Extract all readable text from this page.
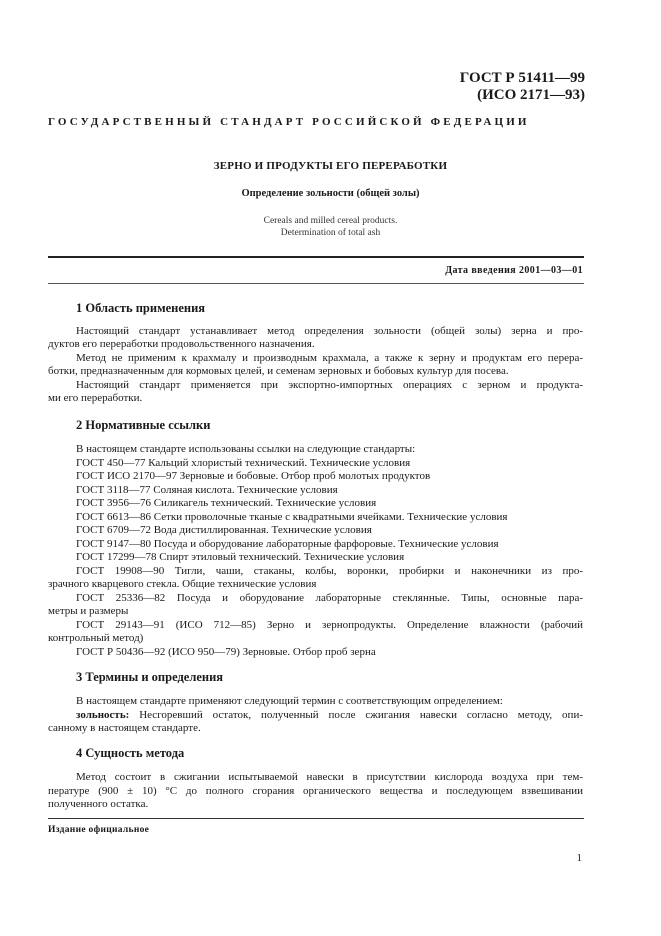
ГОСТ Р 51411—99
(ИСО 2171—93)
ГОСУДАРСТВЕННЫЙ СТАНДАРТ РОССИЙСКОЙ ФЕДЕРАЦИИ
ЗЕРНО И ПРОДУКТЫ ЕГО ПЕРЕРАБОТКИ
Определение зольности (общей золы)
Cereals and milled cereal products.
Determination of total ash
Дата введения 2001—03—01
1 Область применения
Настоящий стандарт устанавливает метод определения зольности (общей золы) зерна и про-
дуктов его переработки продовольственного назначения.
Метод не применим к крахмалу и производным крахмала, а также к зерну и продуктам его перера-
ботки, предназначенным для кормовых целей, и семенам зерновых и бобовых культур для посева.
Настоящий стандарт применяется при экспортно-импортных операциях с зерном и продукта-
ми его переработки.
2 Нормативные ссылки
В настоящем стандарте использованы ссылки на следующие стандарты:
ГОСТ 450—77 Кальций хлористый технический. Технические условия
ГОСТ ИСО 2170—97 Зерновые и бобовые. Отбор проб молотых продуктов
ГОСТ 3118—77 Соляная кислота. Технические условия
ГОСТ 3956—76 Силикагель технический. Технические условия
ГОСТ 6613—86 Сетки проволочные тканые с квадратными ячейками. Технические условия
ГОСТ 6709—72 Вода дистиллированная. Технические условия
ГОСТ 9147—80 Посуда и оборудование лабораторные фарфоровые. Технические условия
ГОСТ 17299—78 Спирт этиловый технический. Технические условия
ГОСТ 19908—90 Тигли, чаши, стаканы, колбы, воронки, пробирки и наконечники из про-
зрачного кварцевого стекла. Общие технические условия
ГОСТ 25336—82 Посуда и оборудование лабораторные стеклянные. Типы, основные пара-
метры и размеры
ГОСТ 29143—91 (ИСО 712—85) Зерно и зернопродукты. Определение влажности (рабочий
контрольный метод)
ГОСТ Р 50436—92 (ИСО 950—79) Зерновые. Отбор проб зерна
3 Термины и определения
В настоящем стандарте применяют следующий термин с соответствующим определением:
зольность: Несгоревший остаток, полученный после сжигания навески согласно методу, опи-
санному в настоящем стандарте.
4 Сущность метода
Метод состоит в сжигании испытываемой навески в присутствии кислорода воздуха при тем-
пературе (900 ± 10) °С до полного сгорания органического вещества и последующем взвешивании
полученного остатка.
Издание официальное
1
